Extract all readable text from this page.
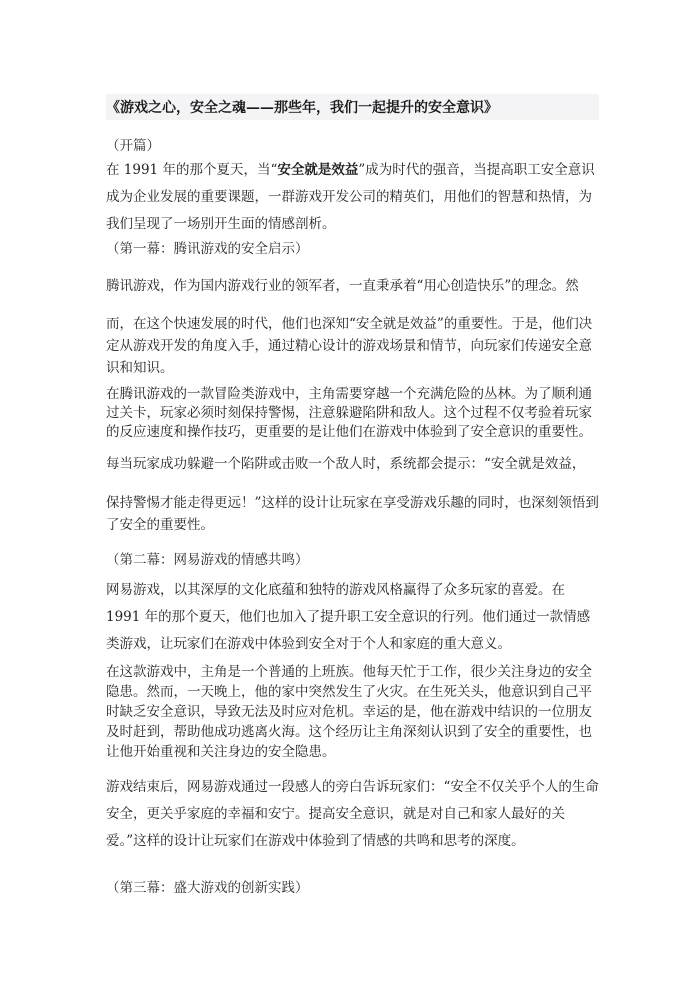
《游戏之心，安全之魂——那些年，我们一起提升的安全意识》
（开篇）
在 1991 年的那个夏天，当“安全就是效益”成为时代的强音，当提高职工安全意识成为企业发展的重要课题，一群游戏开发公司的精英们，用他们的智慧和热情，为我们呈现了一场别开生面的情感剖析。
（第一幕：腾讯游戏的安全启示）
腾讯游戏，作为国内游戏行业的领军者，一直秉承着“用心创造快乐”的理念。然
而，在这个快速发展的时代，他们也深知“安全就是效益”的重要性。于是，他们决定从游戏开发的角度入手，通过精心设计的游戏场景和情节，向玩家们传递安全意识和知识。
在腾讯游戏的一款冒险类游戏中，主角需要穿越一个充满危险的丛林。为了顺利通过关卡，玩家必须时刻保持警惕，注意躲避陷阱和敌人。这个过程不仅考验着玩家的反应速度和操作技巧，更重要的是让他们在游戏中体验到了安全意识的重要性。
每当玩家成功躲避一个陷阱或击败一个敌人时，系统都会提示：“安全就是效益，
保持警惕才能走得更远！”这样的设计让玩家在享受游戏乐趣的同时，也深刻领悟到了安全的重要性。
（第二幕：网易游戏的情感共鸣）
网易游戏，以其深厚的文化底蕴和独特的游戏风格赢得了众多玩家的喜爱。在 1991 年的那个夏天，他们也加入了提升职工安全意识的行列。他们通过一款情感类游戏，让玩家们在游戏中体验到安全对于个人和家庭的重大意义。
在这款游戏中，主角是一个普通的上班族。他每天忙于工作，很少关注身边的安全隐患。然而，一天晚上，他的家中突然发生了火灾。在生死关头，他意识到自己平时缺乏安全意识，导致无法及时应对危机。幸运的是，他在游戏中结识的一位朋友及时赶到，帮助他成功逃离火海。这个经历让主角深刻认识到了安全的重要性，也让他开始重视和关注身边的安全隐患。
游戏结束后，网易游戏通过一段感人的旁白告诉玩家们：“安全不仅关乎个人的生命安全，更关乎家庭的幸福和安宁。提高安全意识，就是对自己和家人最好的关爱。”这样的设计让玩家们在游戏中体验到了情感的共鸣和思考的深度。
（第三幕：盛大游戏的创新实践）
